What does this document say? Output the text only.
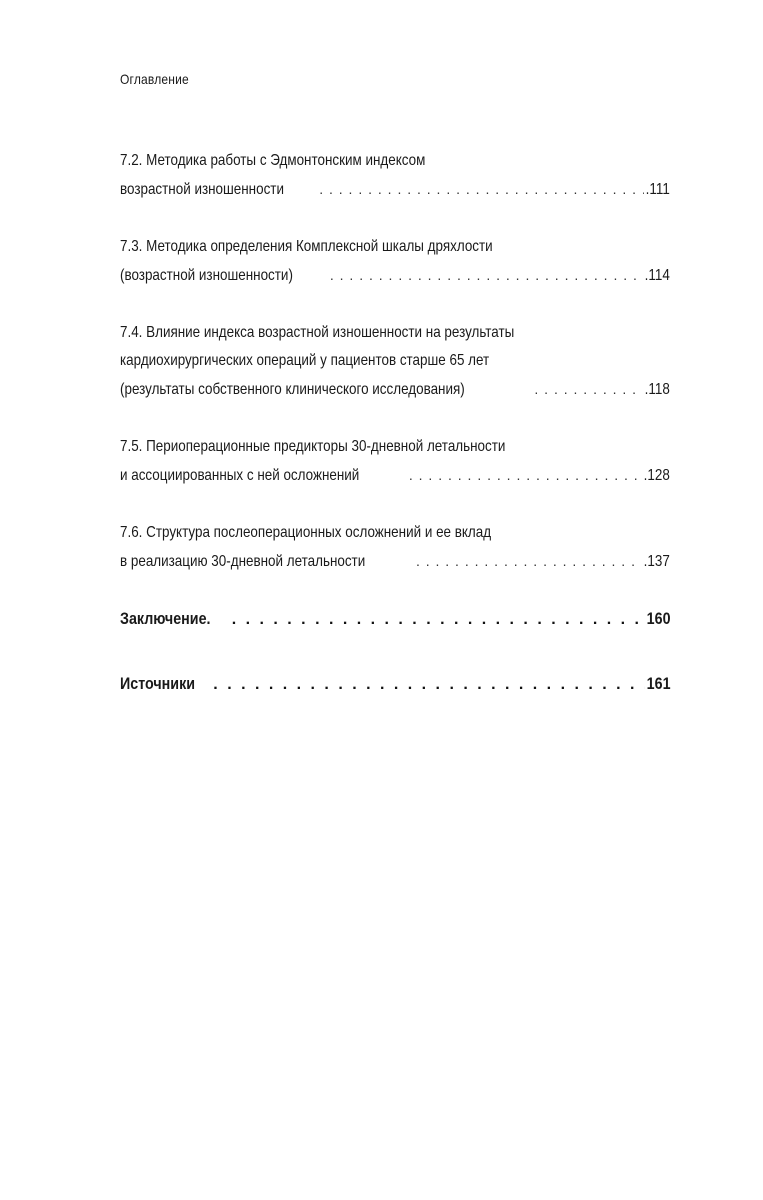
Оглавление
7.2. Методика работы с Эдмонтонским индексом
возрастной изношенности . . .	.111
7.3. Методика определения Комплексной шкалы дряхлости
(возрастной изношенности) . . .	.114
7.4. Влияние индекса возрастной изношенности на результаты
кардиохирургических операций у пациентов старше 65 лет
(результаты собственного клинического исследования) . . .	.118
7.5. Периоперационные предикторы 30-дневной летальности
и ассоциированных с ней осложнений . . .	.128
7.6. Структура послеоперационных осложнений и ее вклад
в реализацию 30-дневной летальности . . .	.137
Заключение. . . .	160
Источники . . .	161
